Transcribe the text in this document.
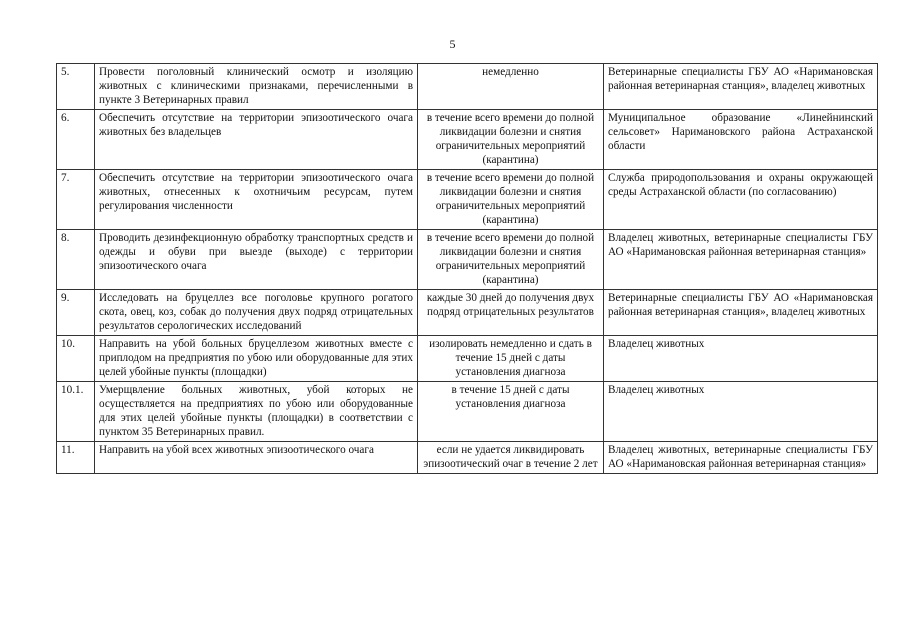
5
5.	Провести поголовный клинический осмотр и изоляцию животных с клиническими признаками, перечисленными в пункте 3 Ветеринарных правил	немедленно	Ветеринарные специалисты ГБУ АО «Наримановская районная ветеринарная станция», владелец животных
6.	Обеспечить отсутствие на территории эпизоотического очага животных без владельцев	в течение всего времени до полной ликвидации болезни и снятия ограничительных мероприятий (карантина)	Муниципальное образование «Линейнинский сельсовет» Наримановского района Астраханской области
7.	Обеспечить отсутствие на территории эпизоотического очага животных, отнесенных к охотничьим ресурсам, путем регулирования численности	в течение всего времени до полной ликвидации болезни и снятия ограничительных мероприятий (карантина)	Служба природопользования и охраны окружающей среды Астраханской области (по согласованию)
8.	Проводить дезинфекционную обработку транспортных средств и одежды и обуви при выезде (выходе) с территории эпизоотического очага	в течение всего времени до полной ликвидации болезни и снятия ограничительных мероприятий (карантина)	Владелец животных, ветеринарные специалисты ГБУ АО «Наримановская районная ветеринарная станция»
9.	Исследовать на бруцеллез все поголовье крупного рогатого скота, овец, коз, собак до получения двух подряд отрицательных результатов серологических исследований	каждые 30 дней до получения двух подряд отрицательных результатов	Ветеринарные специалисты ГБУ АО «Наримановская районная ветеринарная станция», владелец животных
10.	Направить на убой больных бруцеллезом животных вместе с приплодом на предприятия по убою или оборудованные для этих целей убойные пункты (площадки)	изолировать немедленно и сдать в течение 15 дней с даты установления диагноза	Владелец животных
10.1.	Умерщвление больных животных, убой которых не осуществляется на предприятиях по убою или оборудованные для этих целей убойные пункты (площадки) в соответствии с пунктом 35 Ветеринарных правил.	в течение 15 дней с даты установления диагноза	Владелец животных
11.	Направить на убой всех животных эпизоотического очага	если не удается ликвидировать эпизоотический очаг в течение 2 лет	Владелец животных, ветеринарные специалисты ГБУ АО «Наримановская районная ветеринарная станция»
